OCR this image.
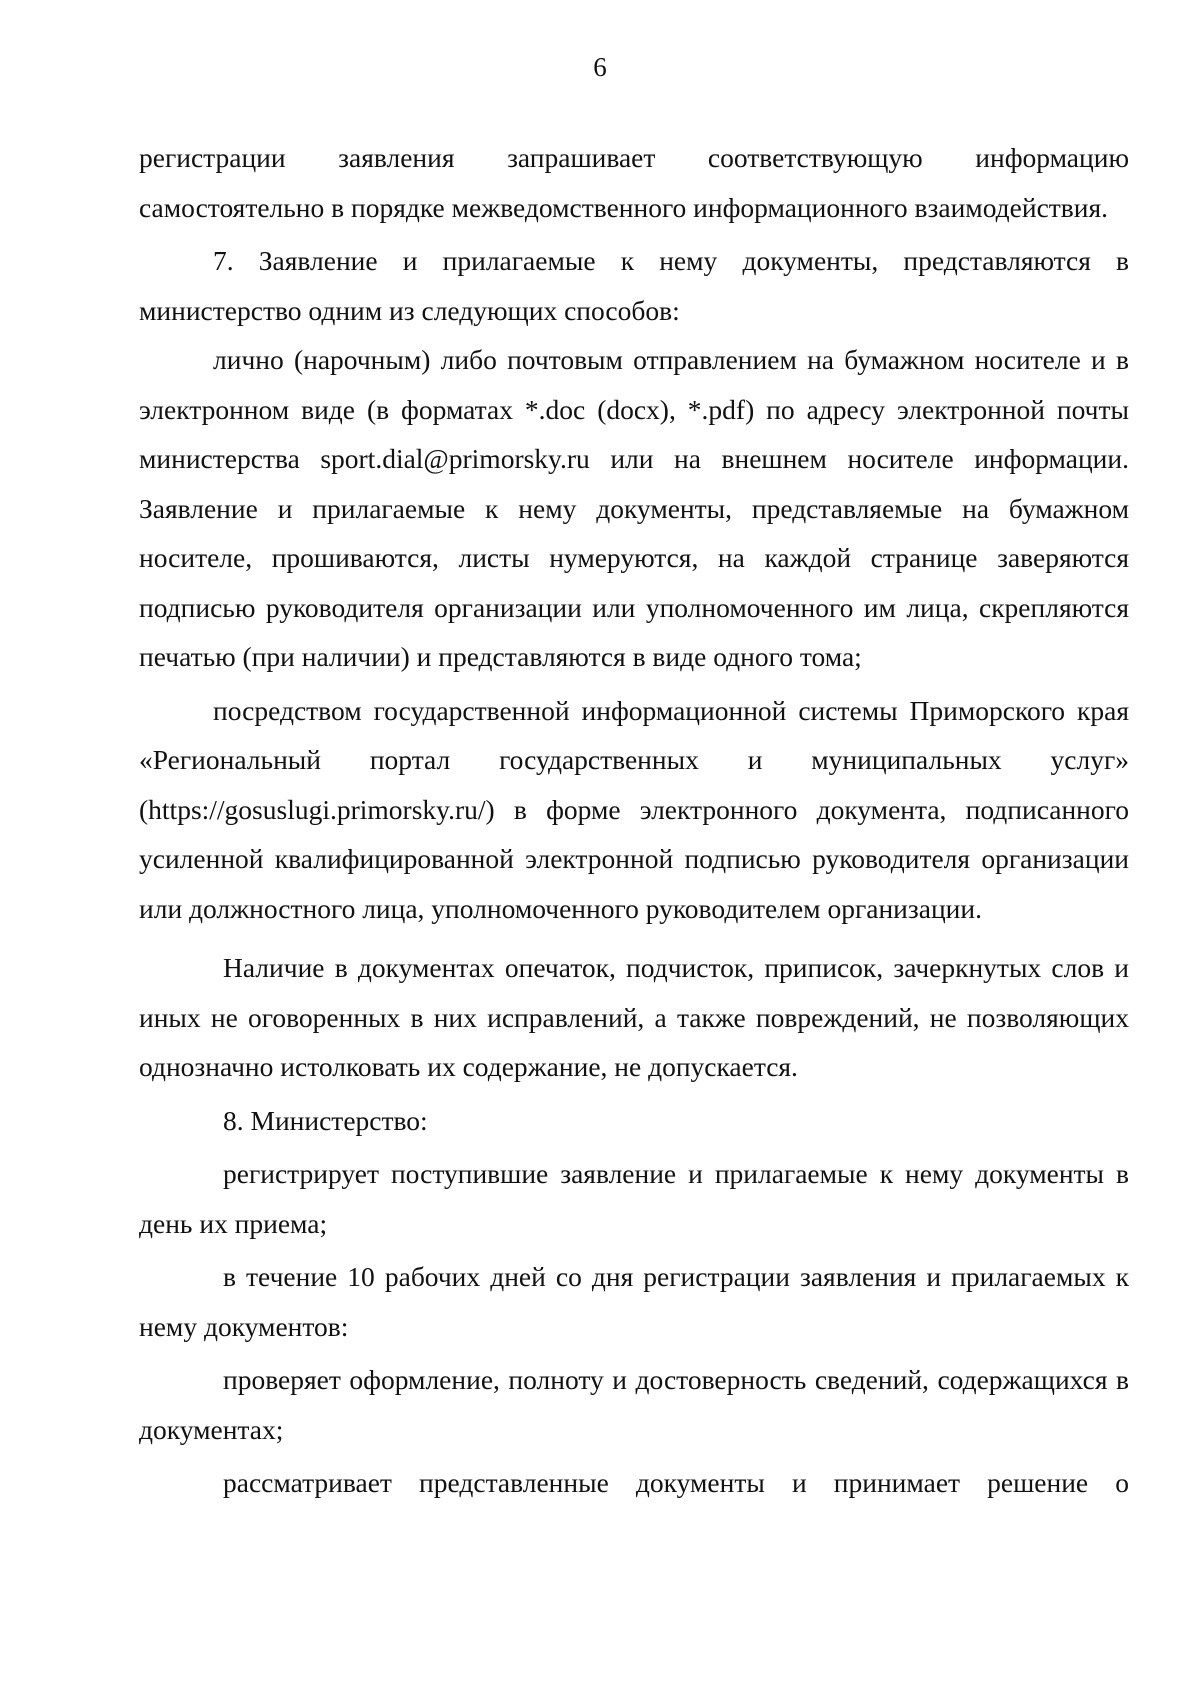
6

регистрации заявления запрашивает соответствующую информацию самостоятельно в порядке межведомственного информационного взаимодействия.

7. Заявление и прилагаемые к нему документы, представляются в министерство одним из следующих способов:

лично (нарочным) либо почтовым отправлением на бумажном носителе и в электронном виде (в форматах *.doc (docx), *.pdf) по адресу электронной почты министерства sport.dial@primorsky.ru или на внешнем носителе информации. Заявление и прилагаемые к нему документы, представляемые на бумажном носителе, прошиваются, листы нумеруются, на каждой странице заверяются подписью руководителя организации или уполномоченного им лица, скрепляются печатью (при наличии) и представляются в виде одного тома;

посредством государственной информационной системы Приморского края «Региональный портал государственных и муниципальных услуг» (https://gosuslugi.primorsky.ru/) в форме электронного документа, подписанного усиленной квалифицированной электронной подписью руководителя организации или должностного лица, уполномоченного руководителем организации.

Наличие в документах опечаток, подчисток, приписок, зачеркнутых слов и иных не оговоренных в них исправлений, а также повреждений, не позволяющих однозначно истолковать их содержание, не допускается.

8. Министерство:

регистрирует поступившие заявление и прилагаемые к нему документы в день их приема;

в течение 10 рабочих дней со дня регистрации заявления и прилагаемых к нему документов:

проверяет оформление, полноту и достоверность сведений, содержащихся в документах;

рассматривает представленные документы и принимает решение о
